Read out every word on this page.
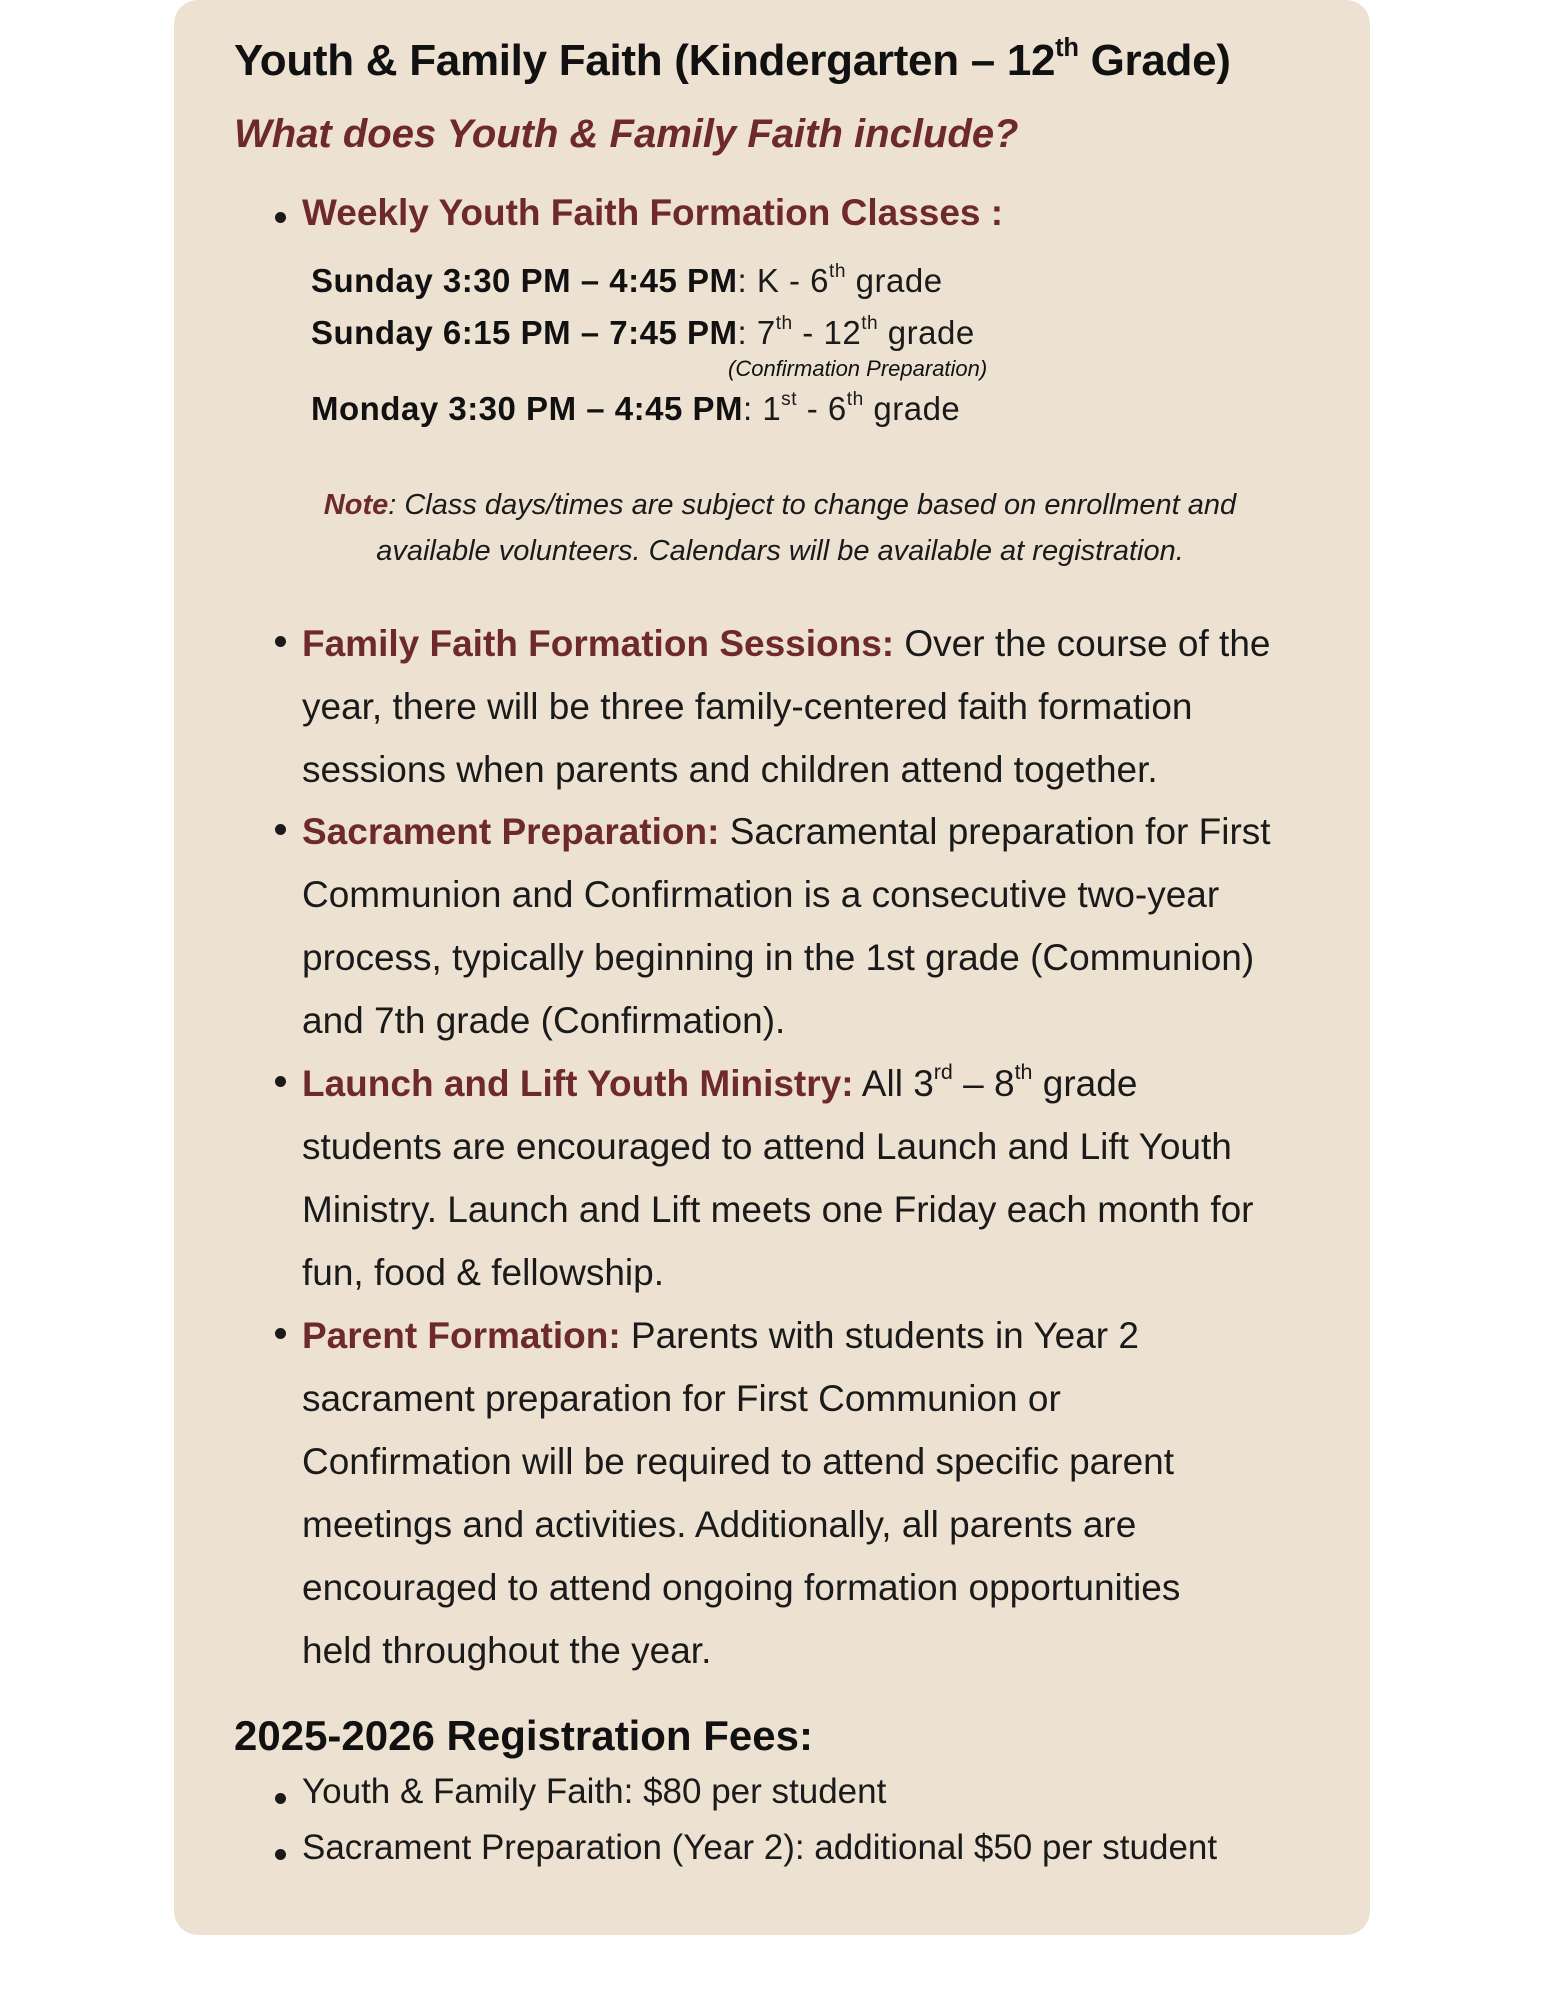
Youth & Family Faith (Kindergarten – 12th Grade)
What does Youth & Family Faith include?
Weekly Youth Faith Formation Classes :
Sunday 3:30 PM – 4:45 PM: K - 6th grade
Sunday 6:15 PM – 7:45 PM: 7th - 12th grade
(Confirmation Preparation)
Monday 3:30 PM – 4:45 PM: 1st - 6th grade
Note: Class days/times are subject to change based on enrollment and
available volunteers. Calendars will be available at registration.
Family Faith Formation Sessions: Over the course of the
year, there will be three family-centered faith formation
sessions when parents and children attend together.
Sacrament Preparation: Sacramental preparation for First
Communion and Confirmation is a consecutive two-year
process, typically beginning in the 1st grade (Communion)
and 7th grade (Confirmation).
Launch and Lift Youth Ministry: All 3rd – 8th grade
students are encouraged to attend Launch and Lift Youth
Ministry. Launch and Lift meets one Friday each month for
fun, food & fellowship.
Parent Formation: Parents with students in Year 2
sacrament preparation for First Communion or
Confirmation will be required to attend specific parent
meetings and activities. Additionally, all parents are
encouraged to attend ongoing formation opportunities
held throughout the year.
2025-2026 Registration Fees:
Youth & Family Faith: $80 per student
Sacrament Preparation (Year 2): additional $50 per student
